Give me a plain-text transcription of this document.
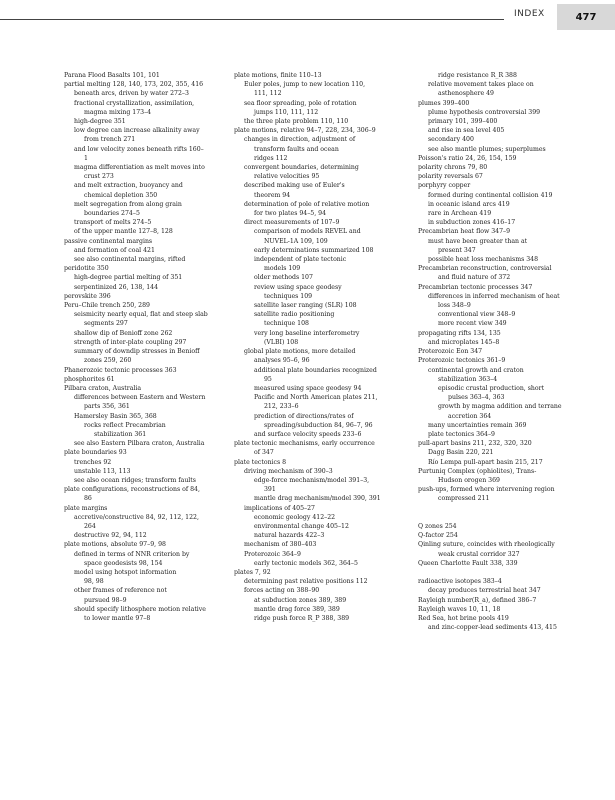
INDEX	477
Parana Flood Basalts 101, 101
partial melting 128, 140, 173, 202, 355, 416
beneath arcs, driven by water 272–3
fractional crystallization, assimilation,
magma mixing 173–4
high-degree 351
low degree can increase alkalinity away
from trench 271
and low velocity zones beneath rifts 160–
1
magma differentiation as melt moves into
crust 273
and melt extraction, buoyancy and
chemical depletion 350
melt segregation from along grain
boundaries 274–5
transport of melts 274–5
of the upper mantle 127–8, 128
passive continental margins
and formation of coal 421
see also continental margins, rifted
peridotite 350
high-degree partial melting of 351
serpentinized 26, 138, 144
perovskite 396
Peru–Chile trench 250, 289
seismicity nearly equal, flat and steep slab
segments 297
shallow dip of Benioff zone 262
strength of inter-plate coupling 297
summary of downdip stresses in Benioff
zones 259, 260
Phanerozoic tectonic processes 363
phosphorites 61
Pilbara craton, Australia
differences between Eastern and Western
parts 356, 361
Hamersley Basin 365, 368
rocks reflect Precambrian
stabilization 361
see also Eastern Pilbara craton, Australia
plate boundaries 93
trenches 92
unstable 113, 113
see also ocean ridges; transform faults
plate configurations, reconstructions of 84,
86
plate margins
accretive/constructive 84, 92, 112, 122,
264
destructive 92, 94, 112
plate motions, absolute 97–9, 98
defined in terms of NNR criterion by
space geodesists 98, 154
model using hotspot information
98, 98
other frames of reference not
pursued 98–9
should specify lithosphere motion relative
to lower mantle 97–8
plate motions, finite 110–13
Euler poles, jump to new location 110,
111, 112
sea floor spreading, pole of rotation
jumps 110, 111, 112
the three plate problem 110, 110
plate motions, relative 94–7, 228, 234, 306–9
changes in direction, adjustment of
transform faults and ocean
ridges 112
convergent boundaries, determining
relative velocities 95
described making use of Euler's
theorem 94
determination of pole of relative motion
for two plates 94–5, 94
direct measurements of 107–9
comparison of models REVEL and
NUVEL-1A 109, 109
early determinations summarized 108
independent of plate tectonic
models 109
older methods 107
review using space geodesy
techniques 109
satellite laser ranging (SLR) 108
satellite radio positioning
technique 108
very long baseline interferometry
(VLBI) 108
global plate motions, more detailed
analyses 95–6, 96
additional plate boundaries recognized
95
measured using space geodesy 94
Pacific and North American plates 211,
212, 233–6
prediction of directions/rates of
spreading/subduction 84, 96–7, 96
and surface velocity speeds 233–6
plate tectonic mechanisms, early occurrence
of 347
plate tectonics 8
driving mechanism of 390–3
edge-force mechanism/model 391–3,
391
mantle drag mechanism/model 390, 391
implications of 405–27
economic geology 412–22
environmental change 405–12
natural hazards 422–3
mechanism of 380–403
Proterozoic 364–9
early tectonic models 362, 364–5
plates 7, 92
determining past relative positions 112
forces acting on 388–90
at subduction zones 389, 389
mantle drag force 389, 389
ridge push force R_P 388, 389
ridge resistance R_R 388
relative movement takes place on
asthenosphere 49
plumes 399–400
plume hypothesis controversial 399
primary 101, 399–400
and rise in sea level 405
secondary 400
see also mantle plumes; superplumes
Poisson's ratio 24, 26, 154, 159
polarity chrons 79, 80
polarity reversals 67
porphyry copper
formed during continental collision 419
in oceanic island arcs 419
rare in Archean 419
in subduction zones 416–17
Precambrian heat flow 347–9
must have been greater than at
present 347
possible heat loss mechanisms 348
Precambrian reconstruction, controversial
and fluid nature of 372
Precambrian tectonic processes 347
differences in inferred mechanism of heat
loss 348–9
conventional view 348–9
more recent view 349
propagating rifts 134, 135
and microplates 145–8
Proterozoic Eon 347
Proterozoic tectonics 361–9
continental growth and craton
stabilization 363–4
episodic crustal production, short
pulses 363–4, 363
growth by magma addition and terrane
accretion 364
many uncertainties remain 369
plate tectonics 364–9
pull-apart basins 211, 232, 320, 320
Dagg Basin 220, 221
Río Lempa pull-apart basin 215, 217
Purtuniq Complex (ophiolites), Trans-
Hudson orogen 369
push-ups, formed where intervening region
compressed 211
Q zones 254
Q-factor 254
Qinling suture, coincides with rheologically
weak crustal corridor 327
Queen Charlotte Fault 338, 339
radioactive isotopes 383–4
decay produces terrestrial heat 347
Rayleigh number(R_a), defined 386–7
Rayleigh waves 10, 11, 18
Red Sea, hot brine pools 419
and zinc-copper-lead sediments 413, 415
